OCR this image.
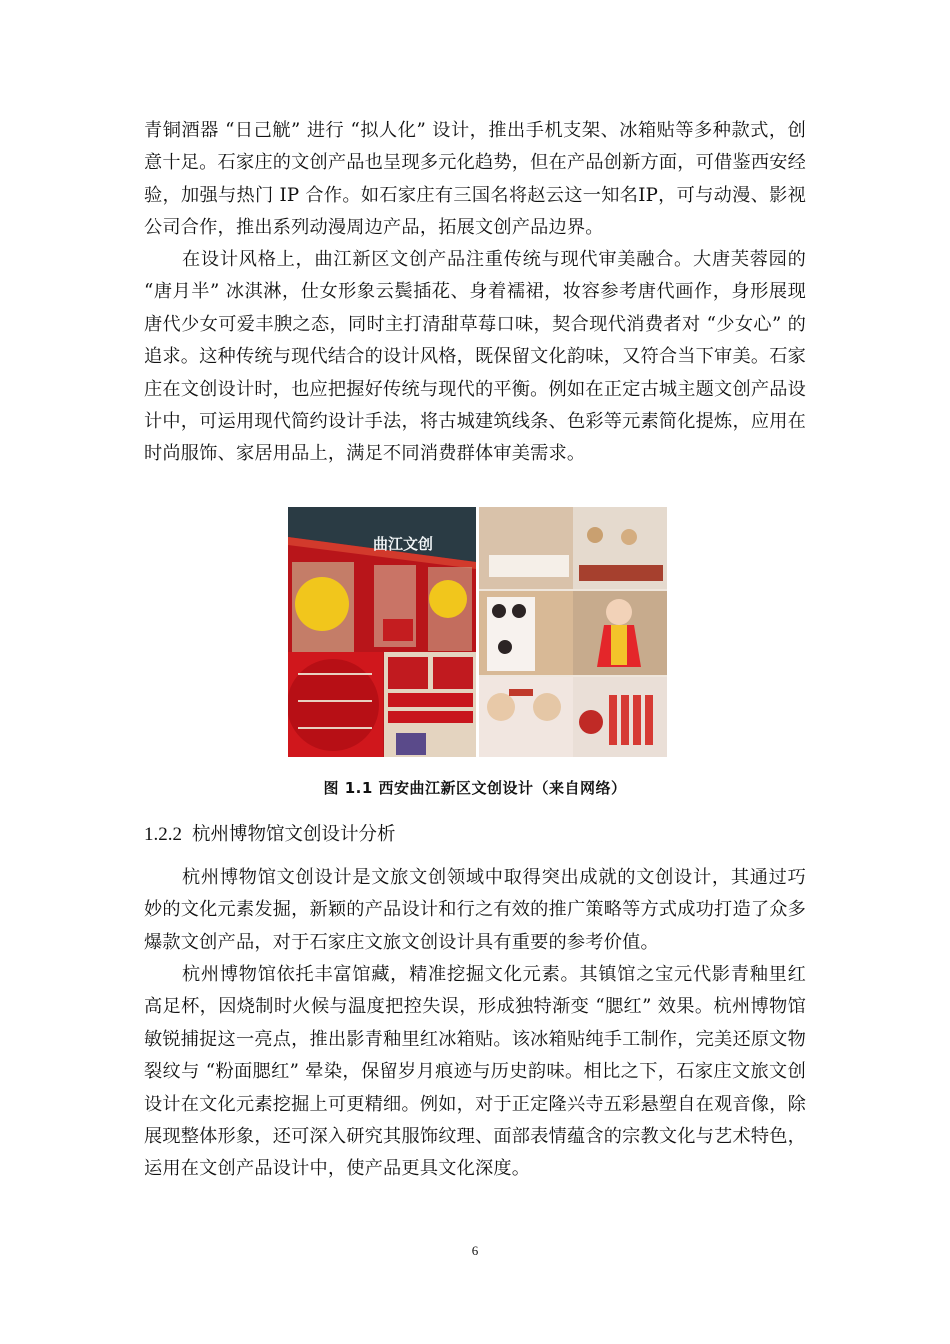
青铜酒器 “日己觥” 进行 “拟人化” 设计，推出手机支架、冰箱贴等多种款式，创意十足。石家庄的文创产品也呈现多元化趋势，但在产品创新方面，可借鉴西安经验，加强与热门 IP 合作。如石家庄有三国名将赵云这一知名IP，可与动漫、影视公司合作，推出系列动漫周边产品，拓展文创产品边界。

在设计风格上，曲江新区文创产品注重传统与现代审美融合。大唐芙蓉园的 “唐月半” 冰淇淋，仕女形象云鬓插花、身着襦裙，妆容参考唐代画作，身形展现唐代少女可爱丰腴之态，同时主打清甜草莓口味，契合现代消费者对 “少女心” 的追求。这种传统与现代结合的设计风格，既保留文化韵味，又符合当下审美。石家庄在文创设计时，也应把握好传统与现代的平衡。例如在正定古城主题文创产品设计中，可运用现代简约设计手法，将古城建筑线条、色彩等元素简化提炼，应用在时尚服饰、家居用品上，满足不同消费群体审美需求。

曲江文创
图 1.1 西安曲江新区文创设计（来自网络）
1.2.2 杭州博物馆文创设计分析

杭州博物馆文创设计是文旅文创领域中取得突出成就的文创设计，其通过巧妙的文化元素发掘，新颖的产品设计和行之有效的推广策略等方式成功打造了众多爆款文创产品，对于石家庄文旅文创设计具有重要的参考价值。

杭州博物馆依托丰富馆藏，精准挖掘文化元素。其镇馆之宝元代影青釉里红高足杯，因烧制时火候与温度把控失误，形成独特渐变 “腮红” 效果。杭州博物馆敏锐捕捉这一亮点，推出影青釉里红冰箱贴。该冰箱贴纯手工制作，完美还原文物裂纹与 “粉面腮红” 晕染，保留岁月痕迹与历史韵味。相比之下，石家庄文旅文创设计在文化元素挖掘上可更精细。例如，对于正定隆兴寺五彩悬塑自在观音像，除展现整体形象，还可深入研究其服饰纹理、面部表情蕴含的宗教文化与艺术特色，运用在文创产品设计中，使产品更具文化深度。

6
